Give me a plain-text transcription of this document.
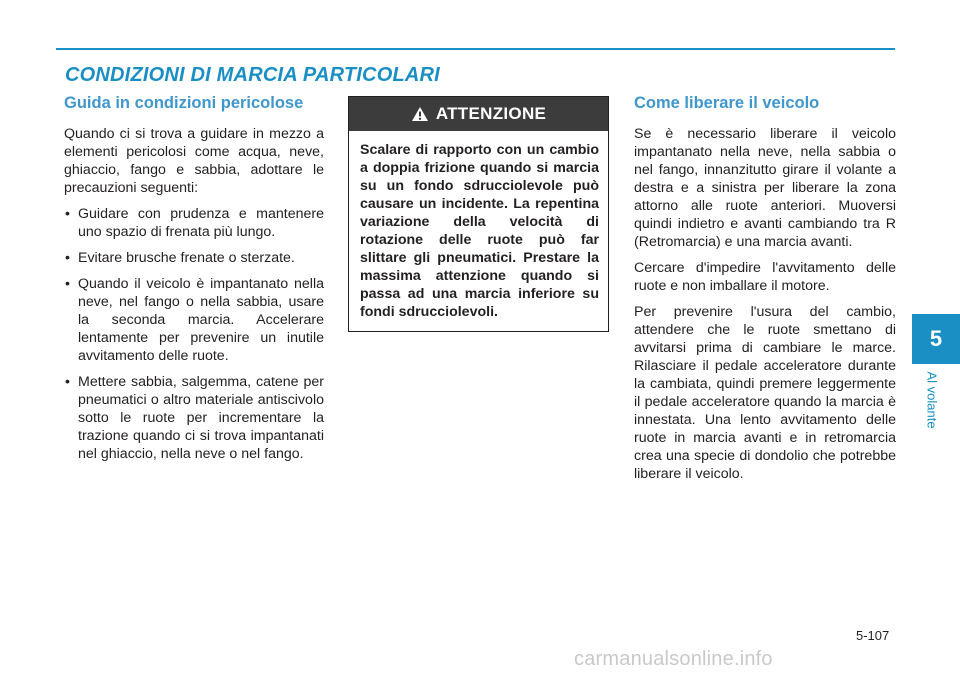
CONDIZIONI DI MARCIA PARTICOLARI
Guida in condizioni pericolose

Quando ci si trova a guidare in mezzo a elementi pericolosi come acqua, neve, ghiaccio, fango e sabbia, adottare le precauzioni seguenti:

• Guidare con prudenza e mantenere uno spazio di frenata più lungo.
• Evitare brusche frenate o sterzate.
• Quando il veicolo è impantanato nella neve, nel fango o nella sabbia, usare la seconda marcia. Accelerare lentamente per prevenire un inutile avvitamento delle ruote.
• Mettere sabbia, salgemma, catene per pneumatici o altro materiale antiscivolo sotto le ruote per incrementare la trazione quando ci si trova impantanati nel ghiaccio, nella neve o nel fango.
ATTENZIONE

Scalare di rapporto con un cambio a doppia frizione quando si marcia su un fondo sdrucciolevole può causare un incidente. La repentina variazione della velocità di rotazione delle ruote può far slittare gli pneumatici. Prestare la massima attenzione quando si passa ad una marcia inferiore su fondi sdrucciolevoli.

Come liberare il veicolo

Se è necessario liberare il veicolo impantanato nella neve, nella sabbia o nel fango, innanzitutto girare il volante a destra e a sinistra per liberare la zona attorno alle ruote anteriori. Muoversi quindi indietro e avanti cambiando tra R (Retromarcia) e una marcia avanti.

Cercare d'impedire l'avvitamento delle ruote e non imballare il motore.

Per prevenire l'usura del cambio, attendere che le ruote smettano di avvitarsi prima di cambiare le marce. Rilasciare il pedale acceleratore durante la cambiata, quindi premere leggermente il pedale acceleratore quando la marcia è innestata. Una lento avvitamento delle ruote in marcia avanti e in retromarcia crea una specie di dondolio che potrebbe liberare il veicolo.

5
Al volante
5-107
carmanualsonline.info
